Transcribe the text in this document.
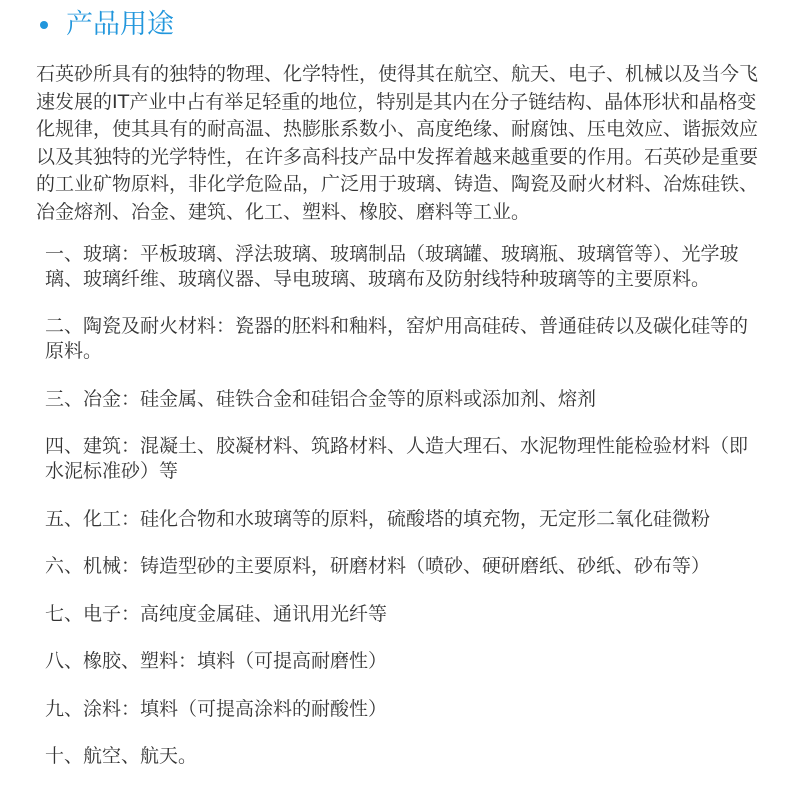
产品用途
石英砂所具有的独特的物理、化学特性，使得其在航空、航天、电子、机械以及当今飞
速发展的IT产业中占有举足轻重的地位，特别是其内在分子链结构、晶体形状和晶格变
化规律，使其具有的耐高温、热膨胀系数小、高度绝缘、耐腐蚀、压电效应、谐振效应
以及其独特的光学特性，在许多高科技产品中发挥着越来越重要的作用。石英砂是重要
的工业矿物原料，非化学危险品，广泛用于玻璃、铸造、陶瓷及耐火材料、冶炼硅铁、
冶金熔剂、冶金、建筑、化工、塑料、橡胶、磨料等工业。
一、玻璃：平板玻璃、浮法玻璃、玻璃制品（玻璃罐、玻璃瓶、玻璃管等）、光学玻
璃、玻璃纤维、玻璃仪器、导电玻璃、玻璃布及防射线特种玻璃等的主要原料。
二、陶瓷及耐火材料：瓷器的胚料和釉料，窑炉用高硅砖、普通硅砖以及碳化硅等的
原料。
三、冶金：硅金属、硅铁合金和硅铝合金等的原料或添加剂、熔剂
四、建筑：混凝土、胶凝材料、筑路材料、人造大理石、水泥物理性能检验材料（即
水泥标准砂）等
五、化工：硅化合物和水玻璃等的原料，硫酸塔的填充物，无定形二氧化硅微粉
六、机械：铸造型砂的主要原料，研磨材料（喷砂、硬研磨纸、砂纸、砂布等）
七、电子：高纯度金属硅、通讯用光纤等
八、橡胶、塑料：填料（可提高耐磨性）
九、涂料：填料（可提高涂料的耐酸性）
十、航空、航天。
